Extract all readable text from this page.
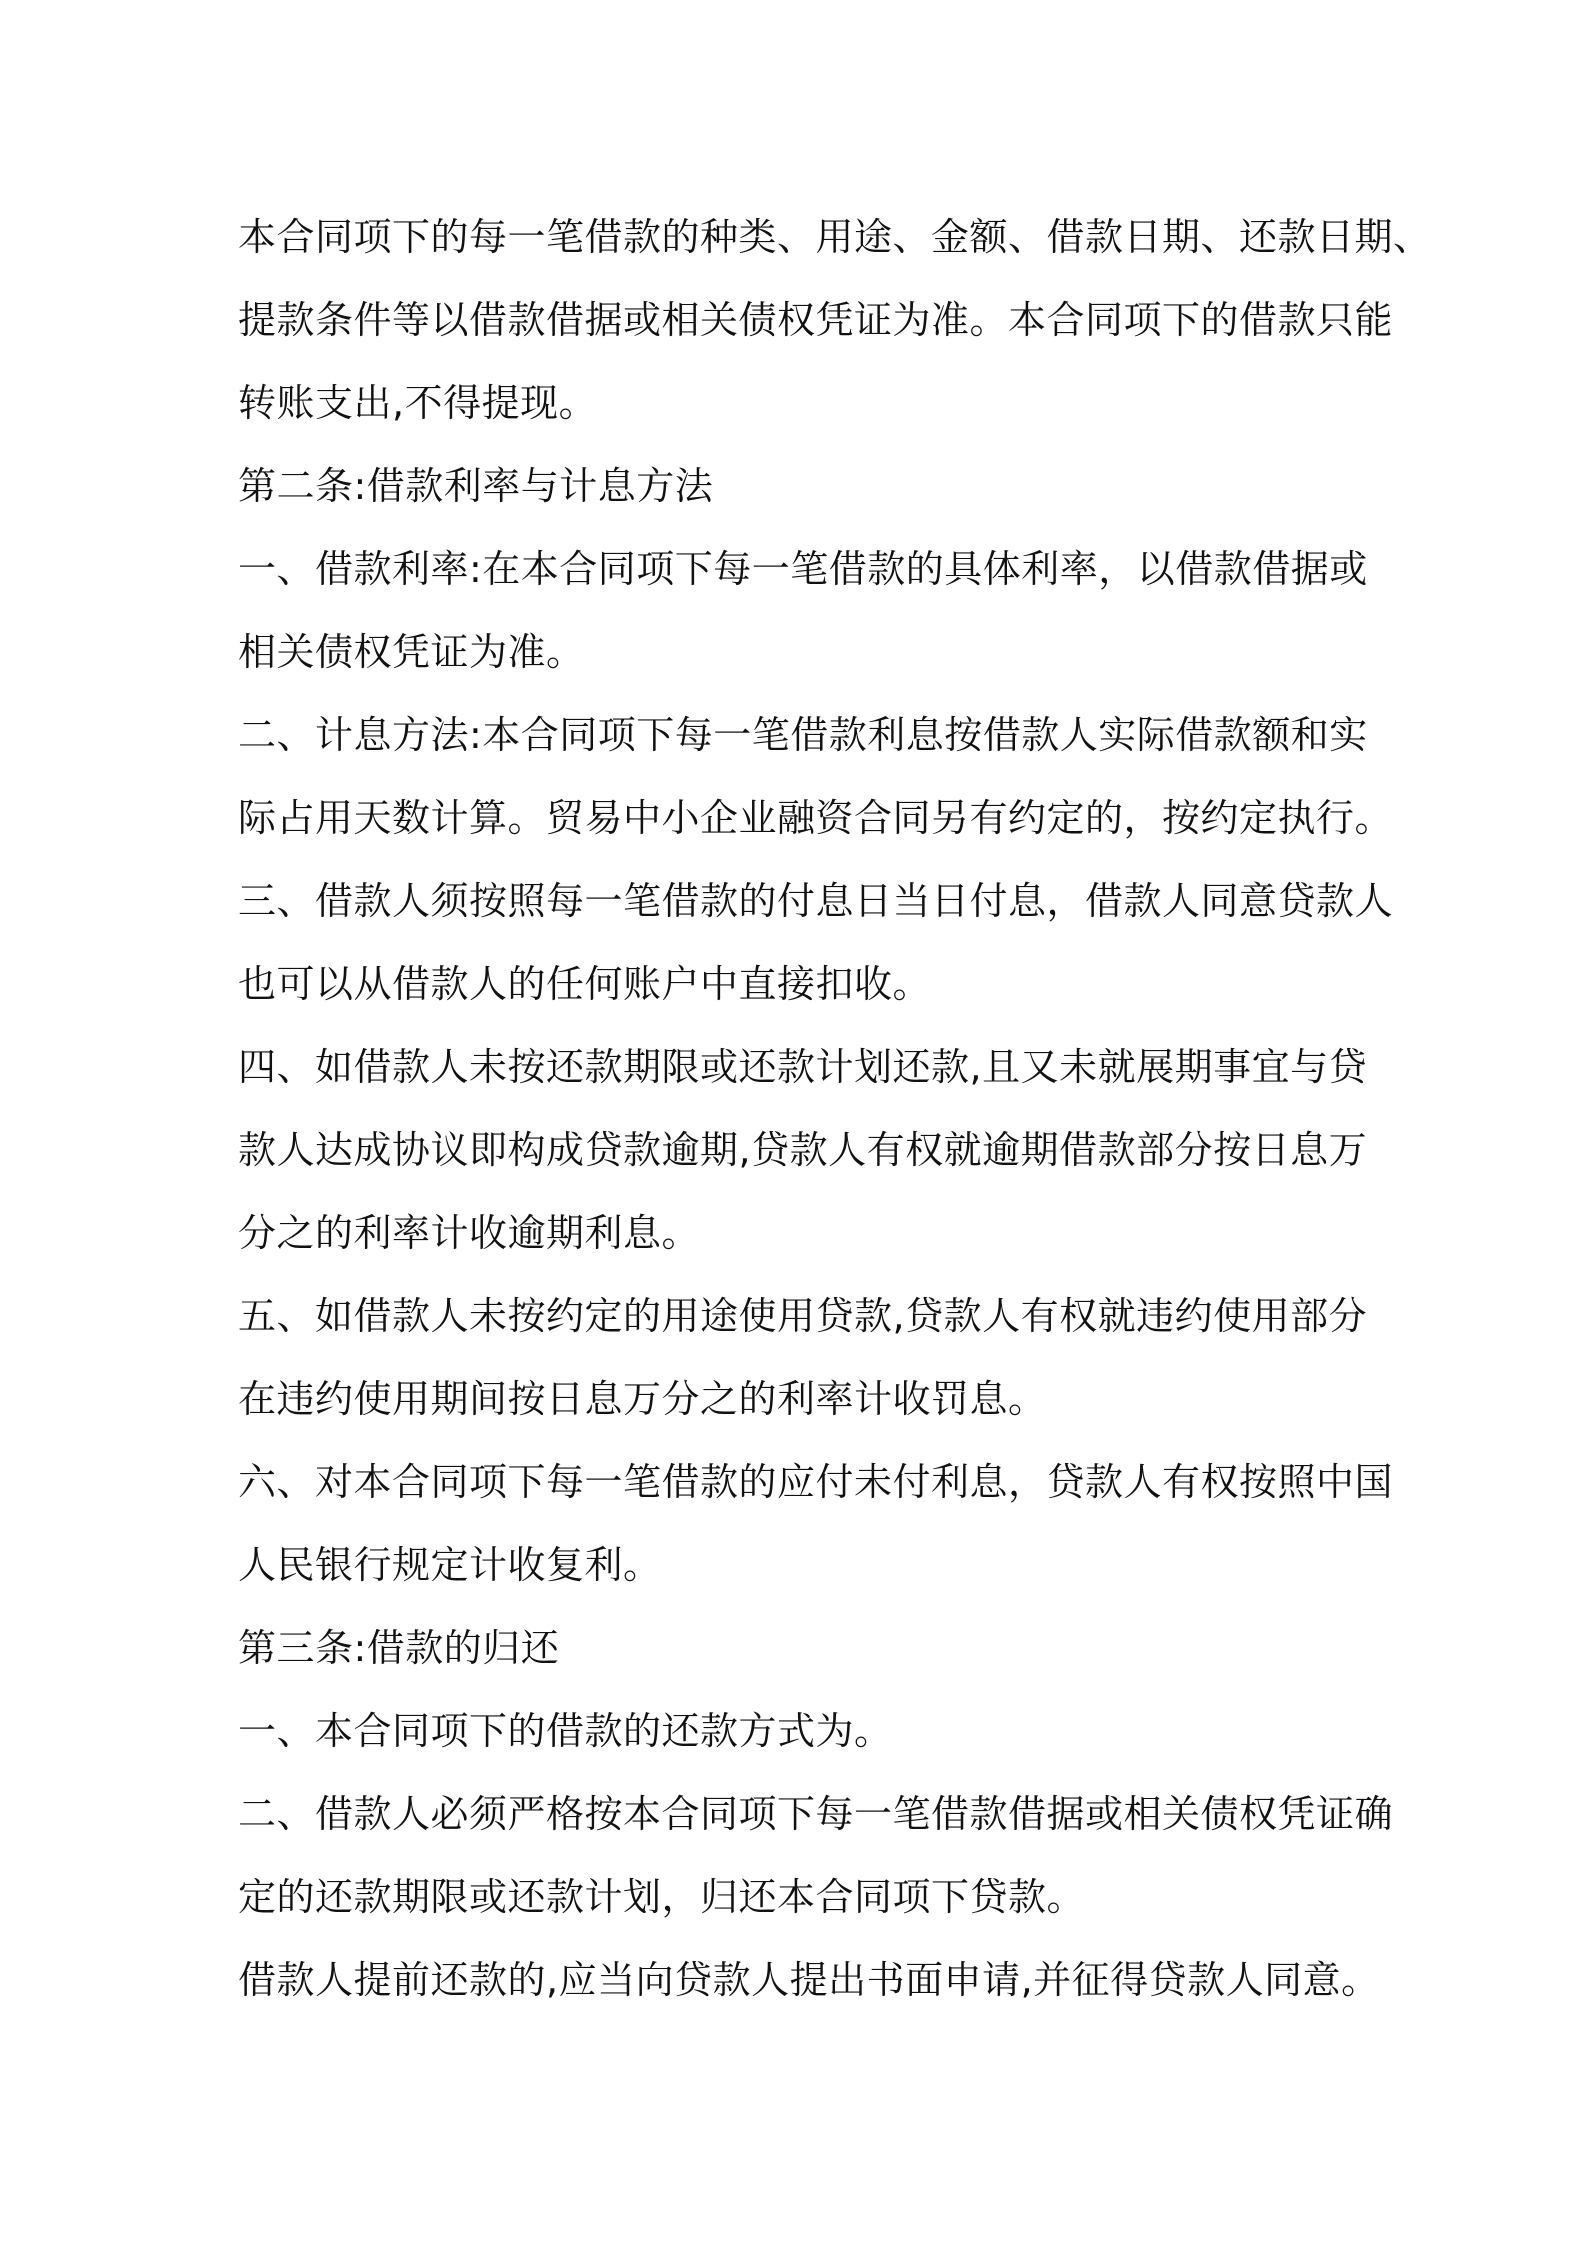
本合同项下的每一笔借款的种类、用途、金额、借款日期、还款日期、
提款条件等以借款借据或相关债权凭证为准。本合同项下的借款只能
转账支出,不得提现。
第二条:借款利率与计息方法
一、借款利率:在本合同项下每一笔借款的具体利率，以借款借据或
相关债权凭证为准。
二、计息方法:本合同项下每一笔借款利息按借款人实际借款额和实
际占用天数计算。贸易中小企业融资合同另有约定的，按约定执行。
三、借款人须按照每一笔借款的付息日当日付息，借款人同意贷款人
也可以从借款人的任何账户中直接扣收。
四、如借款人未按还款期限或还款计划还款,且又未就展期事宜与贷
款人达成协议即构成贷款逾期,贷款人有权就逾期借款部分按日息万
分之的利率计收逾期利息。
五、如借款人未按约定的用途使用贷款,贷款人有权就违约使用部分
在违约使用期间按日息万分之的利率计收罚息。
六、对本合同项下每一笔借款的应付未付利息，贷款人有权按照中国
人民银行规定计收复利。
第三条:借款的归还
一、本合同项下的借款的还款方式为。
二、借款人必须严格按本合同项下每一笔借款借据或相关债权凭证确
定的还款期限或还款计划，归还本合同项下贷款。
借款人提前还款的,应当向贷款人提出书面申请,并征得贷款人同意。
